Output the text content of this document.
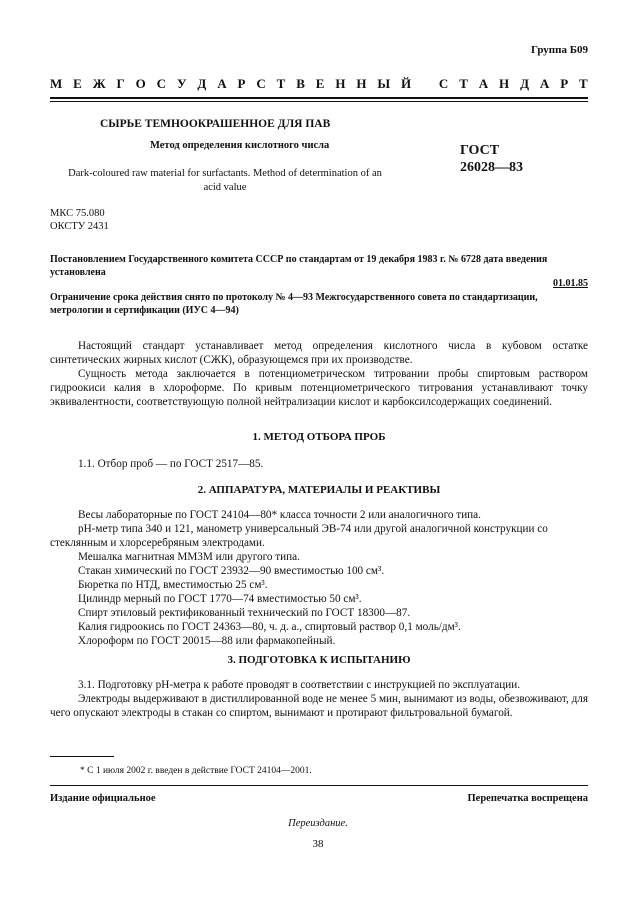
Группа Б09
М Е Ж Г О С У Д А Р С Т В Е Н Н Ы Й С Т А Н Д А Р Т
СЫРЬЕ ТЕМНООКРАШЕННОЕ ДЛЯ ПАВ
Метод определения кислотного числа
Dark-coloured raw material for surfactants. Method of determination of an acid value
ГОСТ
26028—83
МКС 75.080
ОКСТУ 2431
Постановлением Государственного комитета СССР по стандартам от 19 декабря 1983 г. № 6728 дата введения установлена
01.01.85
Ограничение срока действия снято по протоколу № 4—93 Межгосударственного совета по стандартизации, метрологии и сертификации (ИУС 4—94)

Настоящий стандарт устанавливает метод определения кислотного числа в кубовом остатке синтетических жирных кислот (СЖК), образующемся при их производстве.

Сущность метода заключается в потенциометрическом титровании пробы спиртовым раствором гидроокиси калия в хлороформе. По кривым потенциометрического титрования устанавливают точку эквивалентности, соответствующую полной нейтрализации кислот и карбоксилсодержащих соединений.

1. МЕТОД ОТБОРА ПРОБ

1.1. Отбор проб — по ГОСТ 2517—85.

2. АППАРАТУРА, МАТЕРИАЛЫ И РЕАКТИВЫ

Весы лабораторные по ГОСТ 24104—80* класса точности 2 или аналогичного типа.

рН-метр типа 340 и 121, манометр универсальный ЭВ-74 или другой аналогичной конструкции со стеклянным и хлорсеребряным электродами.

Мешалка магнитная ММ3М или другого типа.

Стакан химический по ГОСТ 23932—90 вместимостью 100 см³.

Бюретка по НТД, вместимостью 25 см³.

Цилиндр мерный по ГОСТ 1770—74 вместимостью 50 см³.

Спирт этиловый ректификованный технический по ГОСТ 18300—87.

Калия гидроокись по ГОСТ 24363—80, ч. д. а., спиртовый раствор 0,1 моль/дм³.

Хлороформ по ГОСТ 20015—88 или фармакопейный.

3. ПОДГОТОВКА К ИСПЫТАНИЮ

3.1. Подготовку рН-метра к работе проводят в соответствии с инструкцией по эксплуатации.

Электроды выдерживают в дистиллированной воде не менее 5 мин, вынимают из воды, обезвоживают, для чего опускают электроды в стакан со спиртом, вынимают и протирают фильтровальной бумагой.

* С 1 июля 2002 г. введен в действие ГОСТ 24104—2001.
Издание официальное	Перепечатка воспрещена
Переиздание.
38
